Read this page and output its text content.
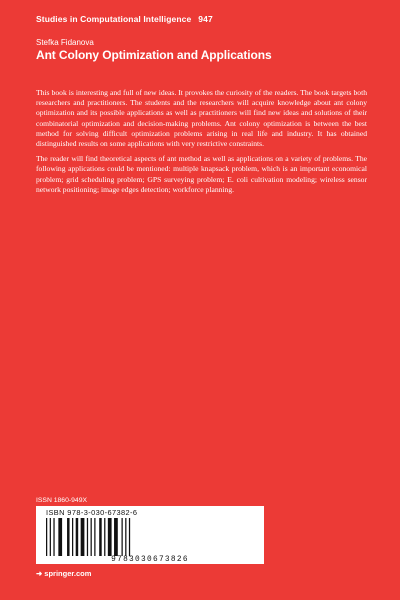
Studies in Computational Intelligence 947
Stefka Fidanova
Ant Colony Optimization and Applications

This book is interesting and full of new ideas. It provokes the curiosity of the readers. The book targets both researchers and practitioners. The students and the researchers will acquire knowledge about ant colony optimization and its possible applications as well as practitioners will find new ideas and solutions of their combinatorial optimization and decision-making problems. Ant colony optimization is between the best method for solving difficult optimization problems arising in real life and industry. It has obtained distinguished results on some applications with very restrictive constraints.

The reader will find theoretical aspects of ant method as well as applications on a variety of problems. The following applications could be mentioned: multiple knapsack problem, which is an important economical problem; grid scheduling problem; GPS surveying problem; E. coli cultivation modeling; wireless sensor network positioning; image edges detection; workforce planning.

ISSN 1860-949X
ISBN 978-3-030-67382-6
9783030673826
➜ springer.com
